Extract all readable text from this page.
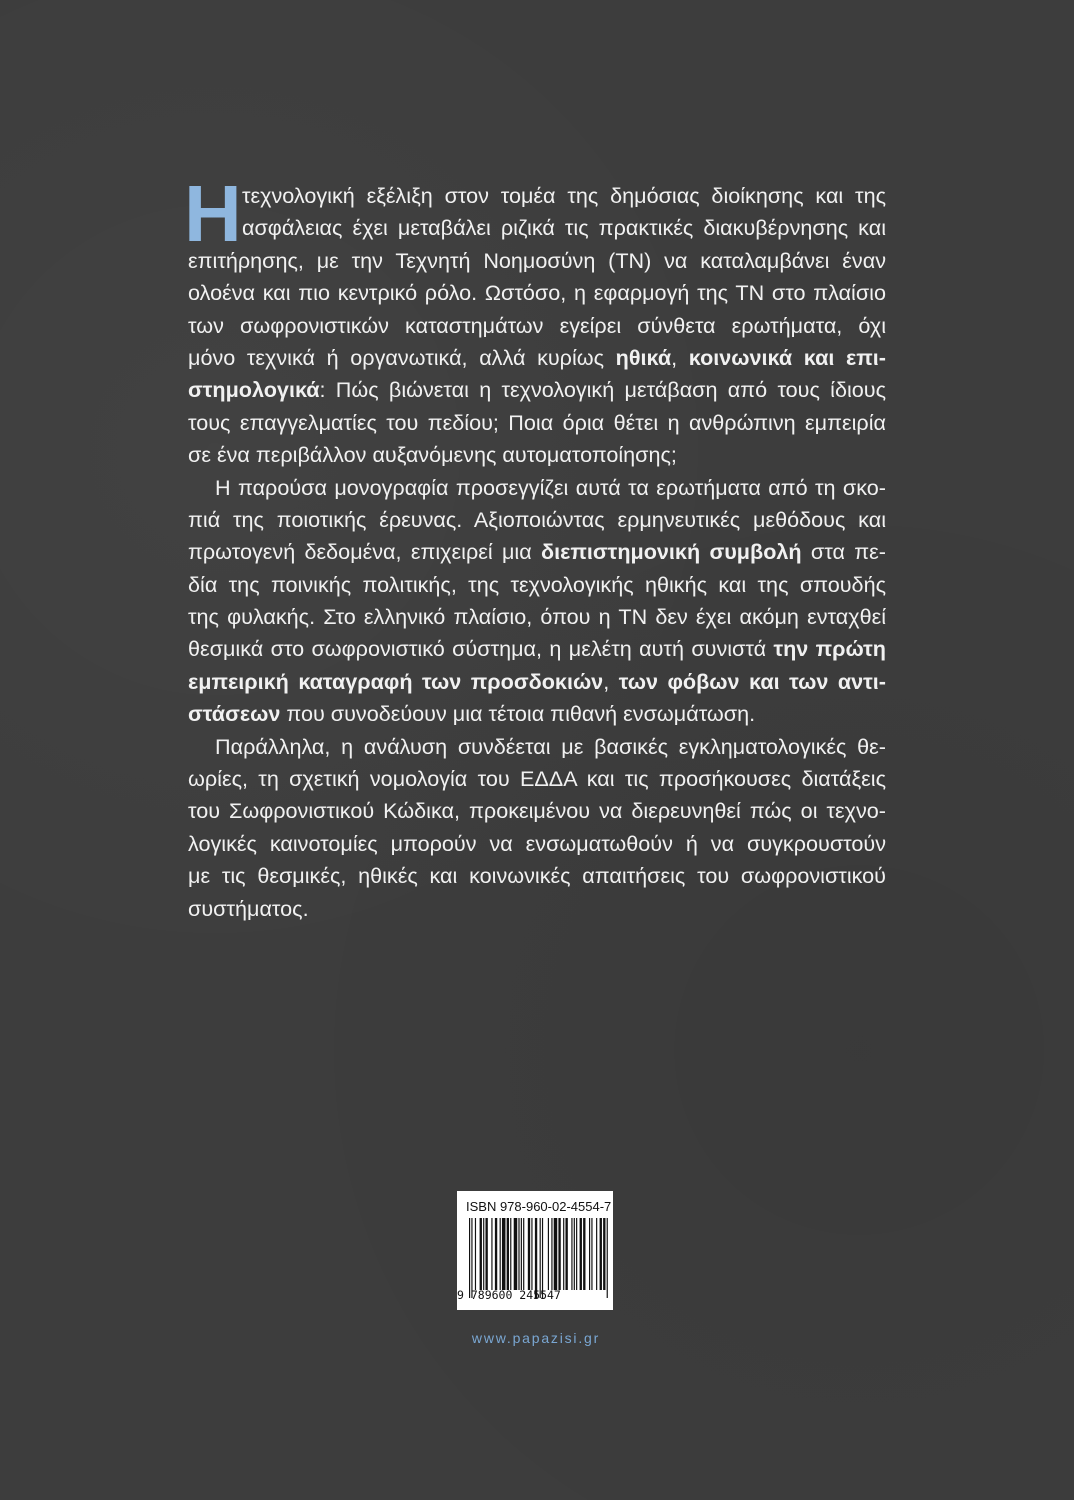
Η τεχνολογική εξέλιξη στον τομέα της δημόσιας διοίκησης και της
ασφάλειας έχει μεταβάλει ριζικά τις πρακτικές διακυβέρνησης και
επιτήρησης, με την Τεχνητή Νοημοσύνη (ΤΝ) να καταλαμβάνει έναν
ολοένα και πιο κεντρικό ρόλο. Ωστόσο, η εφαρμογή της ΤΝ στο πλαίσιο
των σωφρονιστικών καταστημάτων εγείρει σύνθετα ερωτήματα, όχι
μόνο τεχνικά ή οργανωτικά, αλλά κυρίως ηθικά, κοινωνικά και επι-
στημολογικά: Πώς βιώνεται η τεχνολογική μετάβαση από τους ίδιους
τους επαγγελματίες του πεδίου; Ποια όρια θέτει η ανθρώπινη εμπειρία
σε ένα περιβάλλον αυξανόμενης αυτοματοποίησης;
Η παρούσα μονογραφία προσεγγίζει αυτά τα ερωτήματα από τη σκο-
πιά της ποιοτικής έρευνας. Αξιοποιώντας ερμηνευτικές μεθόδους και
πρωτογενή δεδομένα, επιχειρεί μια διεπιστημονική συμβολή στα πε-
δία της ποινικής πολιτικής, της τεχνολογικής ηθικής και της σπουδής
της φυλακής. Στο ελληνικό πλαίσιο, όπου η ΤΝ δεν έχει ακόμη ενταχθεί
θεσμικά στο σωφρονιστικό σύστημα, η μελέτη αυτή συνιστά την πρώτη
εμπειρική καταγραφή των προσδοκιών, των φόβων και των αντι-
στάσεων που συνοδεύουν μια τέτοια πιθανή ενσωμάτωση.
Παράλληλα, η ανάλυση συνδέεται με βασικές εγκληματολογικές θε-
ωρίες, τη σχετική νομολογία του ΕΔΔΑ και τις προσήκουσες διατάξεις
του Σωφρονιστικού Κώδικα, προκειμένου να διερευνηθεί πώς οι τεχνο-
λογικές καινοτομίες μπορούν να ενσωματωθούν ή να συγκρουστούν
με τις θεσμικές, ηθικές και κοινωνικές απαιτήσεις του σωφρονιστικού
συστήματος.
ISBN 978-960-02-4554-7
9 789600 245547
www.papazisi.gr
